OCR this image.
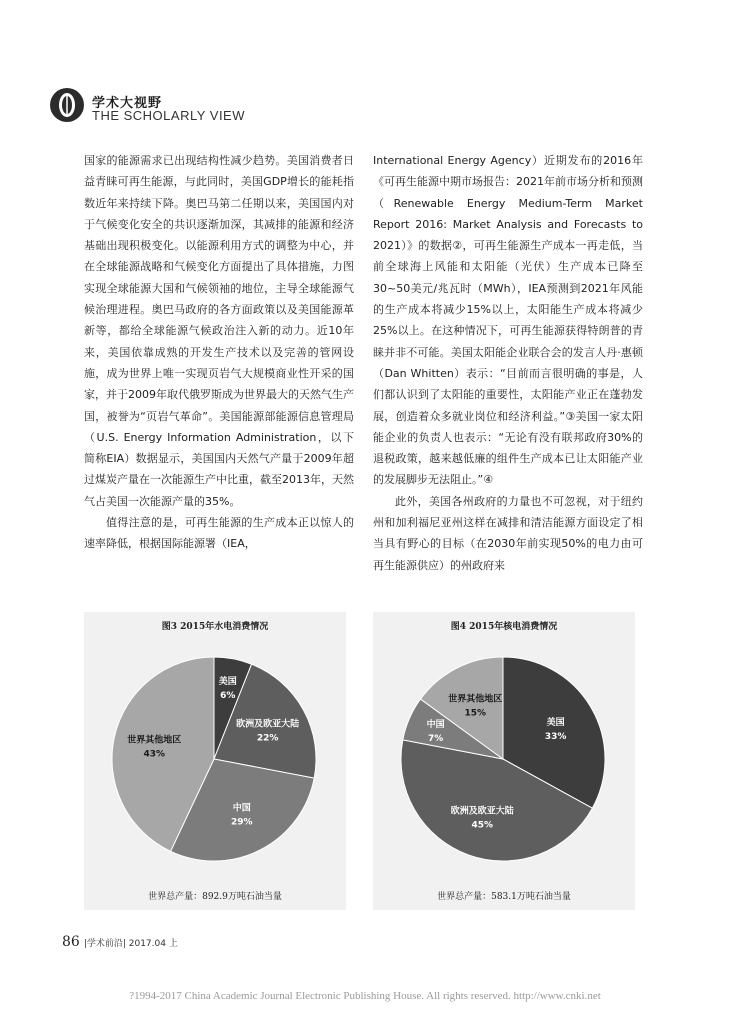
学术大视野
THE SCHOLARLY VIEW

国家的能源需求已出现结构性减少趋势。美国消费者日益青睐可再生能源，与此同时，美国GDP增长的能耗指数近年来持续下降。奥巴马第二任期以来，美国国内对于气候变化安全的共识逐渐加深，其减排的能源和经济基础出现积极变化。以能源利用方式的调整为中心，并在全球能源战略和气候变化方面提出了具体措施，力图实现全球能源大国和气候领袖的地位，主导全球能源气候治理进程。奥巴马政府的各方面政策以及美国能源革新等，都给全球能源气候政治注入新的动力。近10年来，美国依靠成熟的开发生产技术以及完善的管网设施，成为世界上唯一实现页岩气大规模商业性开采的国家，并于2009年取代俄罗斯成为世界最大的天然气生产国，被誉为“页岩气革命”。美国能源部能源信息管理局（U.S. Energy Information Administration，以下简称EIA）数据显示，美国国内天然气产量于2009年超过煤炭产量在一次能源生产中比重，截至2013年，天然气占美国一次能源产量的35%。

值得注意的是，可再生能源的生产成本正以惊人的速率降低，根据国际能源署（IEA，

International Energy Agency）近期发布的2016年《可再生能源中期市场报告：2021年前市场分析和预测（Renewable Energy Medium-Term Market Report 2016: Market Analysis and Forecasts to 2021）》的数据②，可再生能源生产成本一再走低，当前全球海上风能和太阳能（光伏）生产成本已降至30~50美元/兆瓦时（MWh），IEA预测到2021年风能的生产成本将减少15%以上，太阳能生产成本将减少25%以上。在这种情况下，可再生能源获得特朗普的青睐并非不可能。美国太阳能企业联合会的发言人丹·惠顿（Dan Whitten）表示：“目前而言很明确的事是，人们都认识到了太阳能的重要性，太阳能产业正在蓬勃发展，创造着众多就业岗位和经济利益。”③美国一家太阳能企业的负责人也表示：“无论有没有联邦政府30%的退税政策，越来越低廉的组件生产成本已让太阳能产业的发展脚步无法阻止。”④

此外，美国各州政府的力量也不可忽视，对于纽约州和加利福尼亚州这样在减排和清洁能源方面设定了相当具有野心的目标（在2030年前实现50%的电力由可再生能源供应）的州政府来

美国
6%
欧洲及欧亚大陆
22%
中国
29%
世界其他地区
43%
图3 2015年水电消费情况
世界总产量：892.9万吨石油当量
美国
33%
欧洲及欧亚大陆
45%
中国
7%
世界其他地区
15%
图4 2015年核电消费情况
世界总产量：583.1万吨石油当量
86 |学术前沿| 2017.04 上
?1994-2017 China Academic Journal Electronic Publishing House. All rights reserved. http://www.cnki.net
